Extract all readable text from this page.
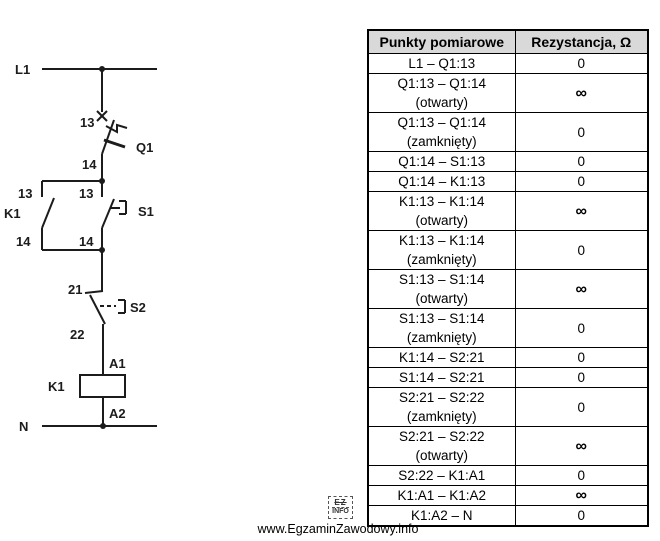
L1
13
14
Q1
13
K1
14
13
14
S1
21
22
S2
A1
K1
A2
N
Punkty pomiarowe	Rezystancja, Ω

L1 – Q1:13	0

Q1:13 – Q1:14
(otwarty)	∞

Q1:13 – Q1:14
(zamknięty)	0

Q1:14 – S1:13	0

Q1:14 – K1:13	0

K1:13 – K1:14
(otwarty)	∞

K1:13 – K1:14
(zamknięty)	0

S1:13 – S1:14
(otwarty)	∞

S1:13 – S1:14
(zamknięty)	0

K1:14 – S2:21	0

S1:14 – S2:21	0

S2:21 – S2:22
(zamknięty)	0

S2:21 – S2:22
(otwarty)	∞

S2:22 – K1:A1	0

K1:A1 – K1:A2	∞

K1:A2 – N	0
EZ
INFO
www.EgzaminZawodowy.info
